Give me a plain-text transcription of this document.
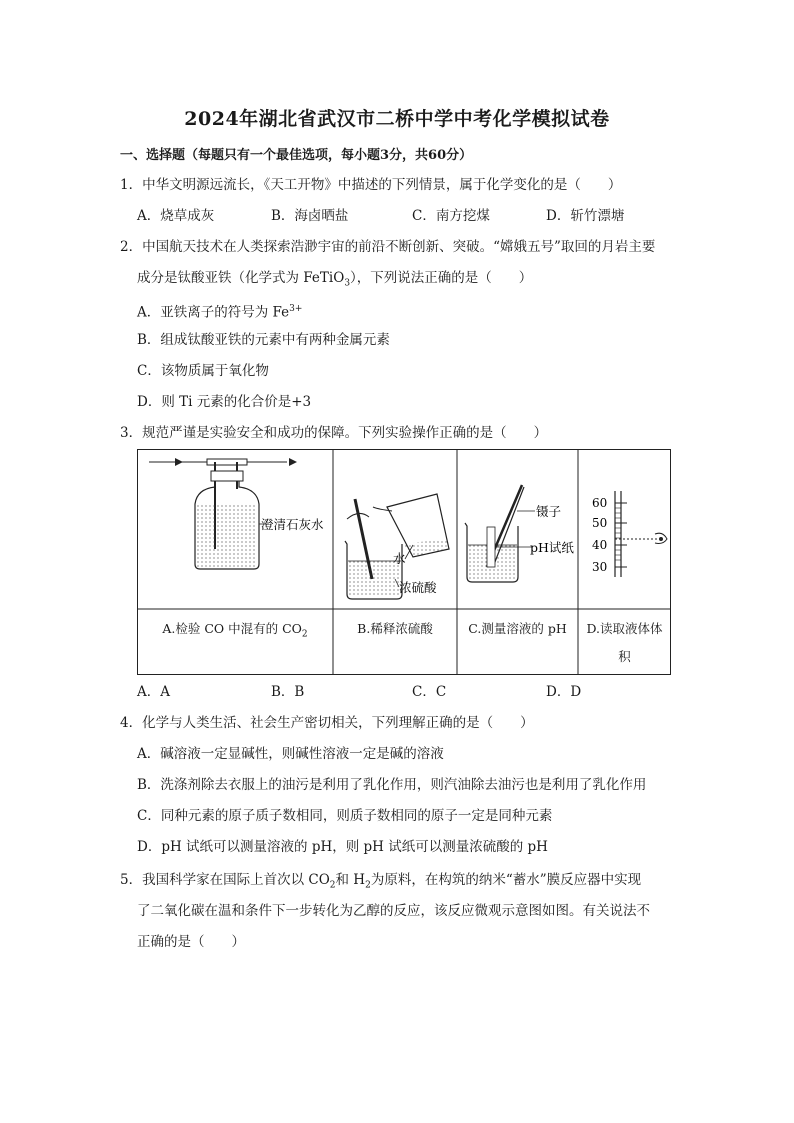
2024年湖北省武汉市二桥中学中考化学模拟试卷
一、选择题（每题只有一个最佳选项，每小题3分，共60分）
1．中华文明源远流长，《天工开物》中描述的下列情景，属于化学变化的是（　　）
A．烧草成灰	B．海卤晒盐	C．南方挖煤	D．斩竹漂塘
2．中国航天技术在人类探索浩渺宇宙的前沿不断创新、突破。“嫦娥五号”取回的月岩主要
成分是钛酸亚铁（化学式为 FeTiO$_3$），下列说法正确的是（　　）
A．亚铁离子的符号为 $Fe^{3+}$
B．组成钛酸亚铁的元素中有两种金属元素
C．该物质属于氧化物
D．则 Ti 元素的化合价是+3
3．规范严谨是实验安全和成功的保障。下列实验操作正确的是（　　）
澄清石灰水
水
浓硫酸
镊子
pH试纸
60
50
40
30
A.检验 CO 中混有的 $CO_2$	B.稀释浓硫酸	C.测量溶液的 pH	D.读取液体体
积
A．A	B．B	C．C	D．D
4．化学与人类生活、社会生产密切相关，下列理解正确的是（　　）
A．碱溶液一定显碱性，则碱性溶液一定是碱的溶液
B．洗涤剂除去衣服上的油污是利用了乳化作用，则汽油除去油污也是利用了乳化作用
C．同种元素的原子质子数相同，则质子数相同的原子一定是同种元素
D．pH 试纸可以测量溶液的 pH，则 pH 试纸可以测量浓硫酸的 pH
5．我国科学家在国际上首次以 $CO_2$和 $H_2$为原料，在构筑的纳米“蓄水”膜反应器中实现
了二氧化碳在温和条件下一步转化为乙醇的反应，该反应微观示意图如图。有关说法不
正确的是（　　）
